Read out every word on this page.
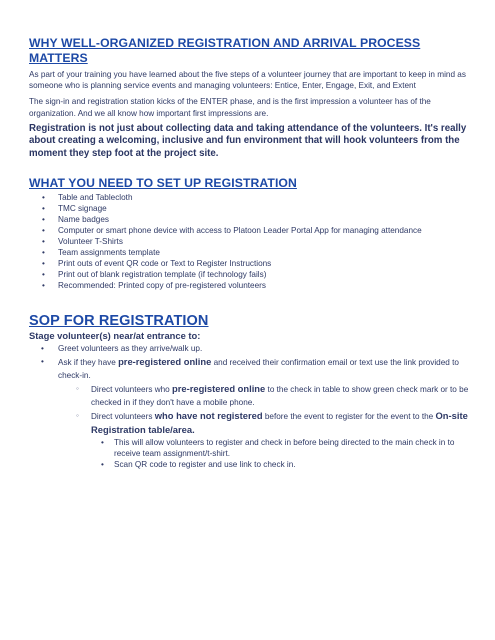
WHY WELL-ORGANIZED REGISTRATION AND ARRIVAL PROCESS MATTERS

As part of your training you have learned about the five steps of a volunteer journey that are important to keep in mind as someone who is planning service events and managing volunteers: Entice, Enter, Engage, Exit, and Extent

The sign-in and registration station kicks of the ENTER phase, and is the first impression a volunteer has of the organization. And we all know how important first impressions are.

Registration is not just about collecting data and taking attendance of the volunteers. It's really about creating a welcoming, inclusive and fun environment that will hook volunteers from the moment they step foot at the project site.

WHAT YOU NEED TO SET UP REGISTRATION
• Table and Tablecloth
• TMC signage
• Name badges
• Computer or smart phone device with access to Platoon Leader Portal App for managing attendance
• Volunteer T-Shirts
• Team assignments template
• Print outs of event QR code or Text to Register Instructions
• Print out of blank registration template (if technology fails)
• Recommended: Printed copy of pre-registered volunteers
SOP FOR REGISTRATION

Stage volunteer(s) near/at entrance to:

• Greet volunteers as they arrive/walk up.
• Ask if they have pre-registered online and received their confirmation email or text use the link provided to check-in.
◦ Direct volunteers who pre-registered online to the check in table to show green check mark or to be checked in if they don't have a mobile phone.
◦ Direct volunteers who have not registered before the event to register for the event to the On-site Registration table/area.
• This will allow volunteers to register and check in before being directed to the main check in to receive team assignment/t-shirt.
• Scan QR code to register and use link to check in.
